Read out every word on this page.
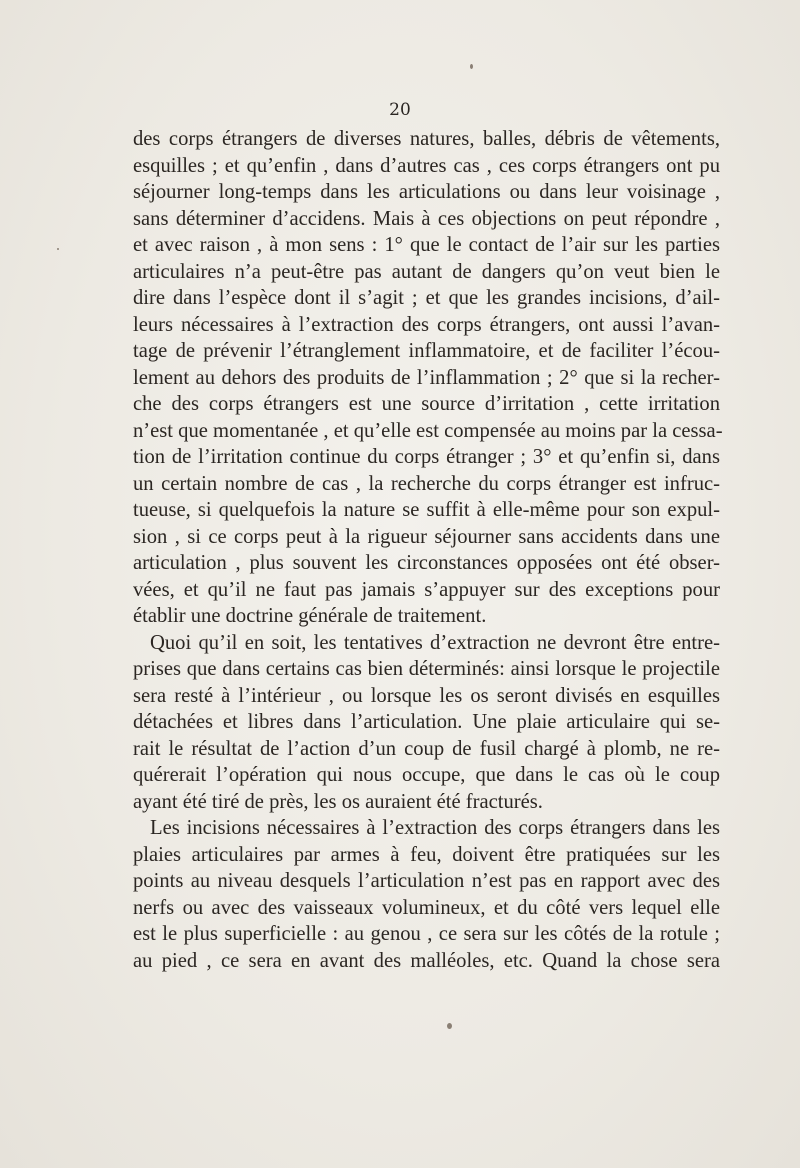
20
des corps étrangers de diverses natures, balles, débris de vêtements,
esquilles ; et qu’enfin , dans d’autres cas , ces corps étrangers ont pu
séjourner long-temps dans les articulations ou dans leur voisinage ,
sans déterminer d’accidens. Mais à ces objections on peut répondre ,
et avec raison , à mon sens : 1° que le contact de l’air sur les parties
articulaires n’a peut-être pas autant de dangers qu’on veut bien le
dire dans l’espèce dont il s’agit ; et que les grandes incisions, d’ail-
leurs nécessaires à l’extraction des corps étrangers, ont aussi l’avan-
tage de prévenir l’étranglement inflammatoire, et de faciliter l’écou-
lement au dehors des produits de l’inflammation ; 2° que si la recher-
che des corps étrangers est une source d’irritation , cette irritation
n’est que momentanée , et qu’elle est compensée au moins par la cessa-
tion de l’irritation continue du corps étranger ; 3° et qu’enfin si, dans
un certain nombre de cas , la recherche du corps étranger est infruc-
tueuse, si quelquefois la nature se suffit à elle-même pour son expul-
sion , si ce corps peut à la rigueur séjourner sans accidents dans une
articulation , plus souvent les circonstances opposées ont été obser-
vées, et qu’il ne faut pas jamais s’appuyer sur des exceptions pour
établir une doctrine générale de traitement.
Quoi qu’il en soit, les tentatives d’extraction ne devront être entre-
prises que dans certains cas bien déterminés: ainsi lorsque le projectile
sera resté à l’intérieur , ou lorsque les os seront divisés en esquilles
détachées et libres dans l’articulation. Une plaie articulaire qui se-
rait le résultat de l’action d’un coup de fusil chargé à plomb, ne re-
quérerait l’opération qui nous occupe, que dans le cas où le coup
ayant été tiré de près, les os auraient été fracturés.
Les incisions nécessaires à l’extraction des corps étrangers dans les
plaies articulaires par armes à feu, doivent être pratiquées sur les
points au niveau desquels l’articulation n’est pas en rapport avec des
nerfs ou avec des vaisseaux volumineux, et du côté vers lequel elle
est le plus superficielle : au genou , ce sera sur les côtés de la rotule ;
au pied , ce sera en avant des malléoles, etc. Quand la chose sera
